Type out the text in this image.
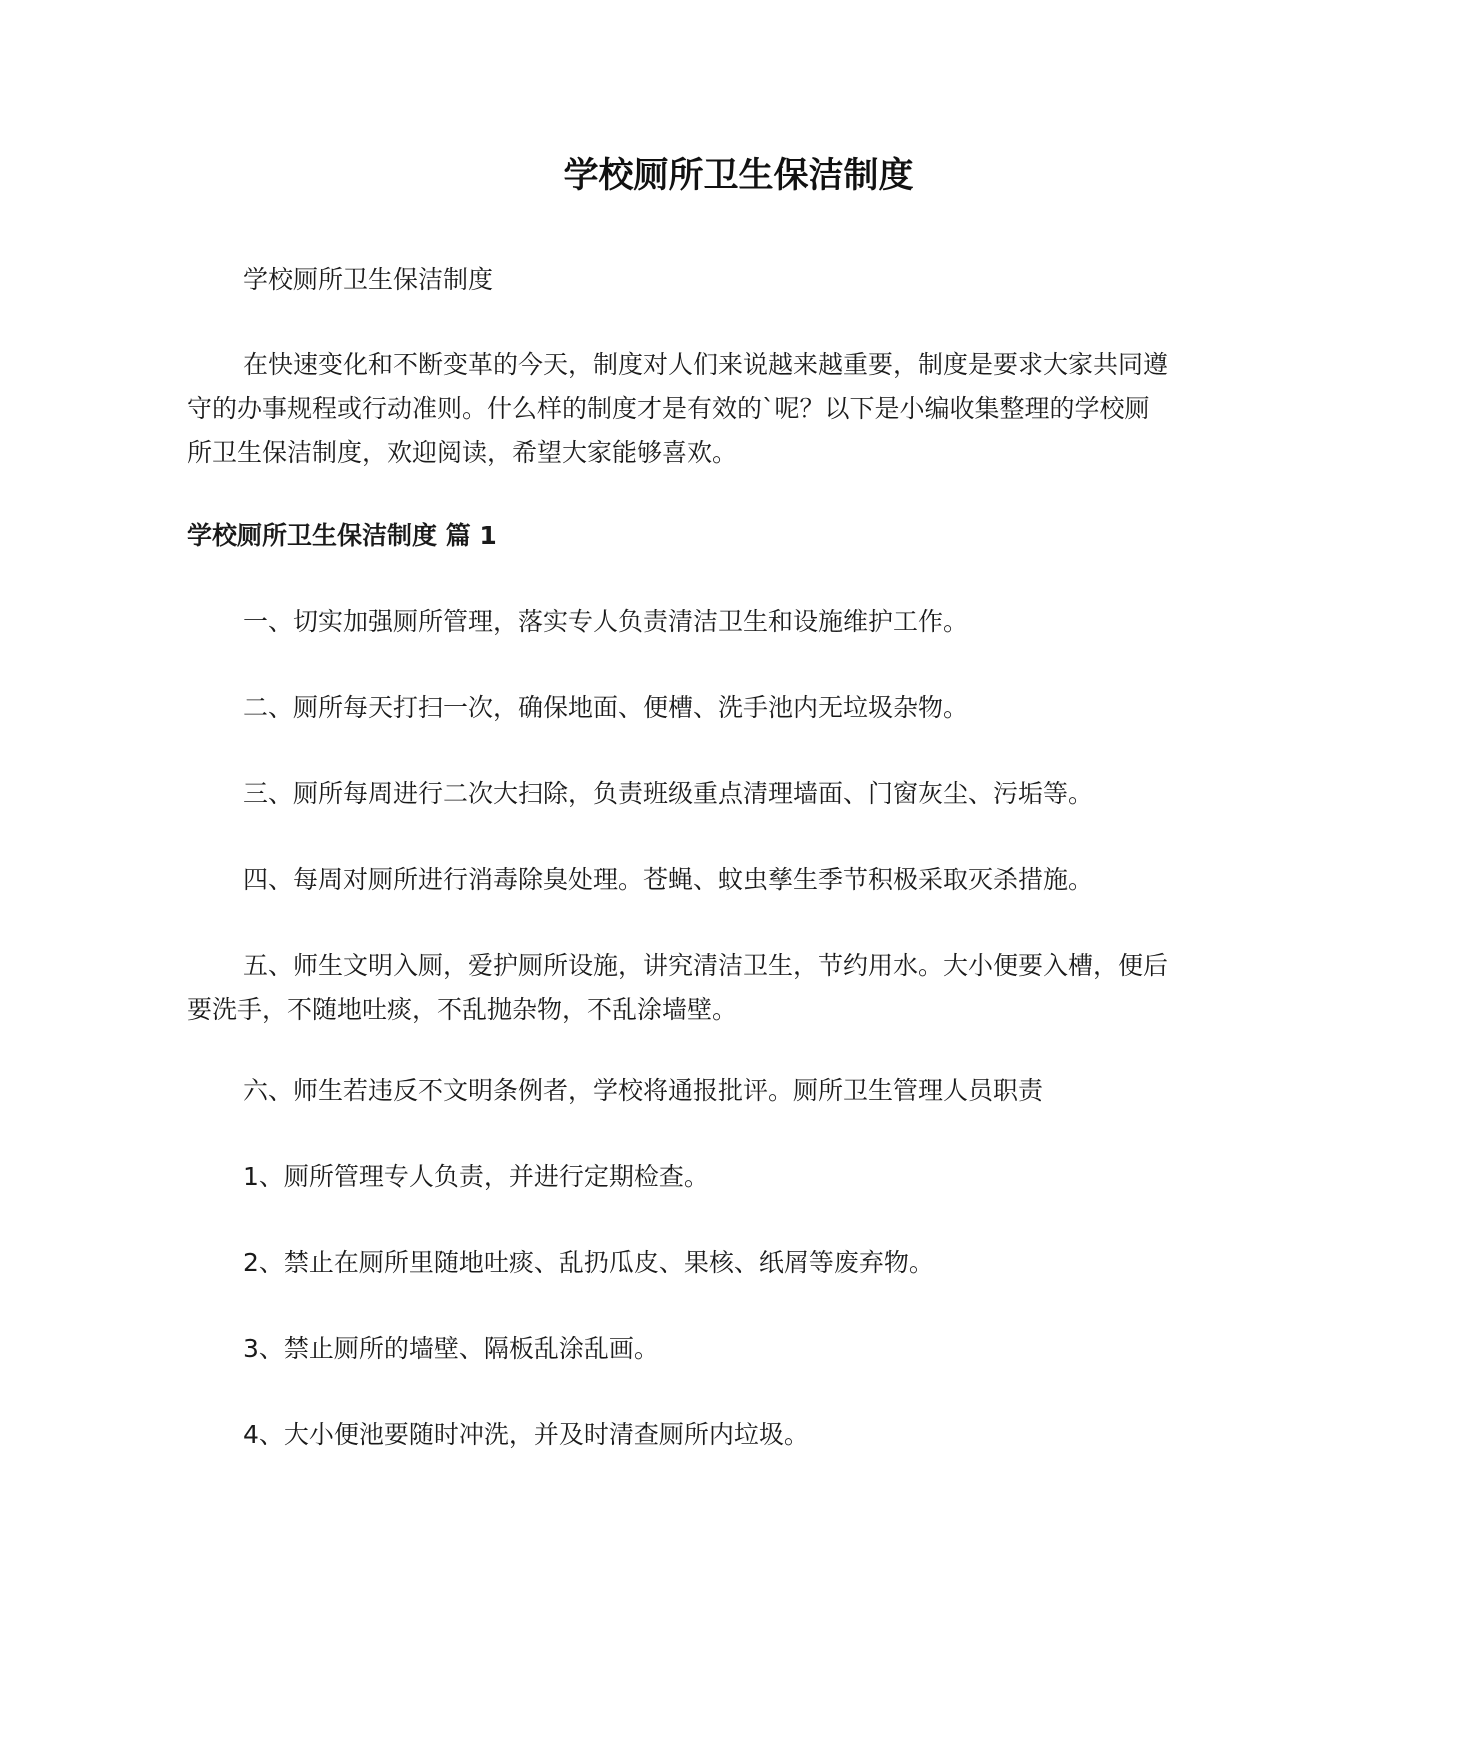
学校厕所卫生保洁制度

学校厕所卫生保洁制度

在快速变化和不断变革的今天，制度对人们来说越来越重要，制度是要求大家共同遵
守的办事规程或行动准则。什么样的制度才是有效的`呢？以下是小编收集整理的学校厕
所卫生保洁制度，欢迎阅读，希望大家能够喜欢。

学校厕所卫生保洁制度 篇 1

一、切实加强厕所管理，落实专人负责清洁卫生和设施维护工作。

二、厕所每天打扫一次，确保地面、便槽、洗手池内无垃圾杂物。

三、厕所每周进行二次大扫除，负责班级重点清理墙面、门窗灰尘、污垢等。

四、每周对厕所进行消毒除臭处理。苍蝇、蚊虫孳生季节积极采取灭杀措施。

五、师生文明入厕，爱护厕所设施，讲究清洁卫生，节约用水。大小便要入槽，便后
要洗手，不随地吐痰，不乱抛杂物，不乱涂墙壁。

六、师生若违反不文明条例者，学校将通报批评。厕所卫生管理人员职责

1、厕所管理专人负责，并进行定期检查。

2、禁止在厕所里随地吐痰、乱扔瓜皮、果核、纸屑等废弃物。

3、禁止厕所的墙壁、隔板乱涂乱画。

4、大小便池要随时冲洗，并及时清查厕所内垃圾。
